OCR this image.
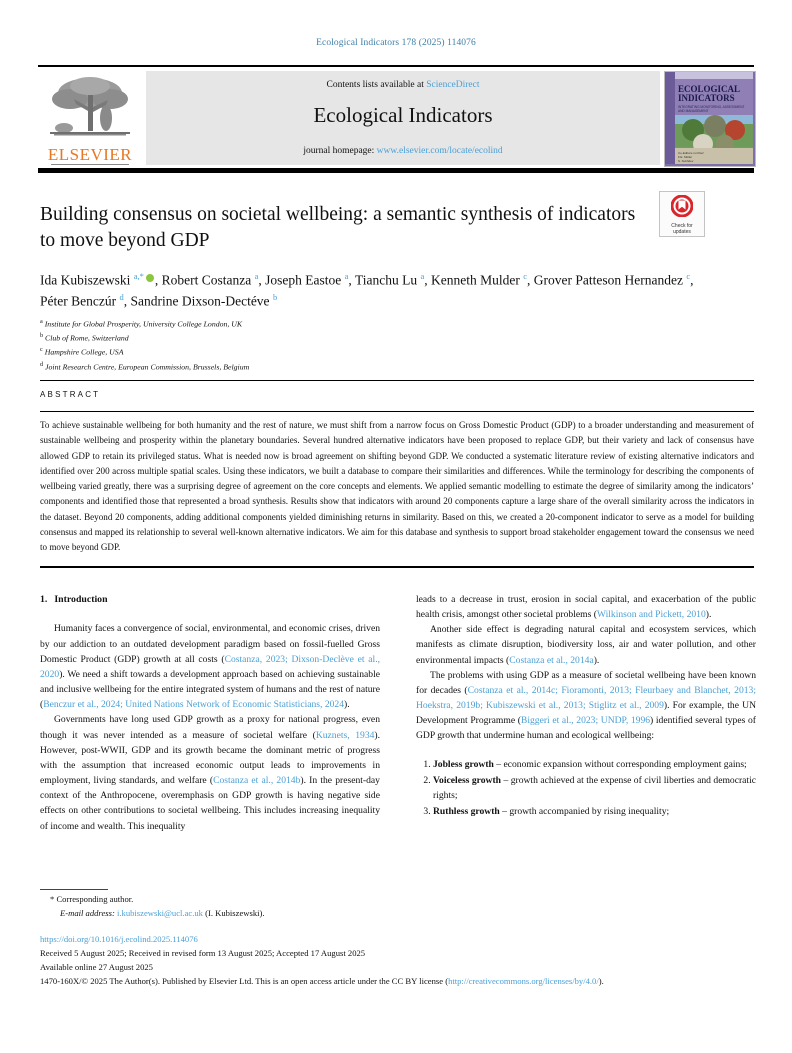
Ecological Indicators 178 (2025) 114076
ELSEVIER
Contents lists available at ScienceDirect
Ecological Indicators
journal homepage: www.elsevier.com/locate/ecolind
ECOLOGICAL
INDICATORS
INTEGRATING MONITORING, ASSESSMENT
AND MANAGEMENT
Co-Editors-in-Chief
F.E. Müller
S. Sukhdev
Building consensus on societal wellbeing: a semantic synthesis of indicators to move beyond GDP
Check for
updates
Ida Kubiszewski $^{a,*}$ , Robert Costanza $^a$, Joseph Eastoe $^a$, Tianchu Lu $^a$, Kenneth Mulder $^c$, Grover Patteson Hernandez $^c$, Péter Benczúr $^d$, Sandrine Dixson-Dectéve $^b$
$^a$ Institute for Global Prosperity, University College London, UK
$^b$ Club of Rome, Switzerland
$^c$ Hampshire College, USA
$^d$ Joint Research Centre, European Commission, Brussels, Belgium
ABSTRACT
To achieve sustainable wellbeing for both humanity and the rest of nature, we must shift from a narrow focus on Gross Domestic Product (GDP) to a broader understanding and measurement of sustainable wellbeing and prosperity within the planetary boundaries. Several hundred alternative indicators have been proposed to replace GDP, but their variety and lack of consensus have allowed GDP to retain its privileged status. What is needed now is broad agreement on shifting beyond GDP. We conducted a systematic literature review of existing alternative indicators and identified over 200 across multiple spatial scales. Using these indicators, we built a database to compare their similarities and differences. While the terminology for describing the components of wellbeing varied greatly, there was a surprising degree of agreement on the core concepts and elements. We applied semantic modelling to estimate the degree of similarity among the indicators’ components and identified those that represented a broad synthesis. Results show that indicators with around 20 components capture a large share of the overall similarity across the indicators in the dataset. Beyond 20 components, adding additional components yielded diminishing returns in similarity. Based on this, we created a 20-component indicator to serve as a model for building consensus and mapped its relationship to several well-known alternative indicators. We aim for this database and synthesis to support broad stakeholder engagement toward the consensus we need to move beyond GDP.
1. Introduction

Humanity faces a convergence of social, environmental, and economic crises, driven by our addiction to an outdated development paradigm based on fossil-fuelled Gross Domestic Product (GDP) growth at all costs (Costanza, 2023; Dixson-Declève et al., 2020). We need a shift towards a development approach based on achieving sustainable and inclusive wellbeing for the entire integrated system of humans and the rest of nature (Benczur et al., 2024; United Nations Network of Economic Statisticians, 2024).

Governments have long used GDP growth as a proxy for national progress, even though it was never intended as a measure of societal welfare (Kuznets, 1934). However, post-WWII, GDP and its growth became the dominant metric of progress with the assumption that increased economic output leads to improvements in employment, living standards, and welfare (Costanza et al., 2014b). In the present-day context of the Anthropocene, overemphasis on GDP growth is having negative side effects on other contributions to societal wellbeing. This includes increasing inequality of income and wealth. This inequality

leads to a decrease in trust, erosion in social capital, and exacerbation of the public health crisis, amongst other societal problems (Wilkinson and Pickett, 2010).

Another side effect is degrading natural capital and ecosystem services, which manifests as climate disruption, biodiversity loss, air and water pollution, and other environmental impacts (Costanza et al., 2014a).

The problems with using GDP as a measure of societal wellbeing have been known for decades (Costanza et al., 2014c; Fioramonti, 2013; Fleurbaey and Blanchet, 2013; Hoekstra, 2019b; Kubiszewski et al., 2013; Stiglitz et al., 2009). For example, the UN Development Programme (Biggeri et al., 2023; UNDP, 1996) identified several types of GDP growth that undermine human and ecological wellbeing:

1. Jobless growth – economic expansion without corresponding employment gains;
2. Voiceless growth – growth achieved at the expense of civil liberties and democratic rights;
3. Ruthless growth – growth accompanied by rising inequality;
* Corresponding author.
E-mail address: i.kubiszewski@ucl.ac.uk (I. Kubiszewski).
https://doi.org/10.1016/j.ecolind.2025.114076
Received 5 August 2025; Received in revised form 13 August 2025; Accepted 17 August 2025
Available online 27 August 2025
1470-160X/© 2025 The Author(s). Published by Elsevier Ltd. This is an open access article under the CC BY license (http://creativecommons.org/licenses/by/4.0/).
